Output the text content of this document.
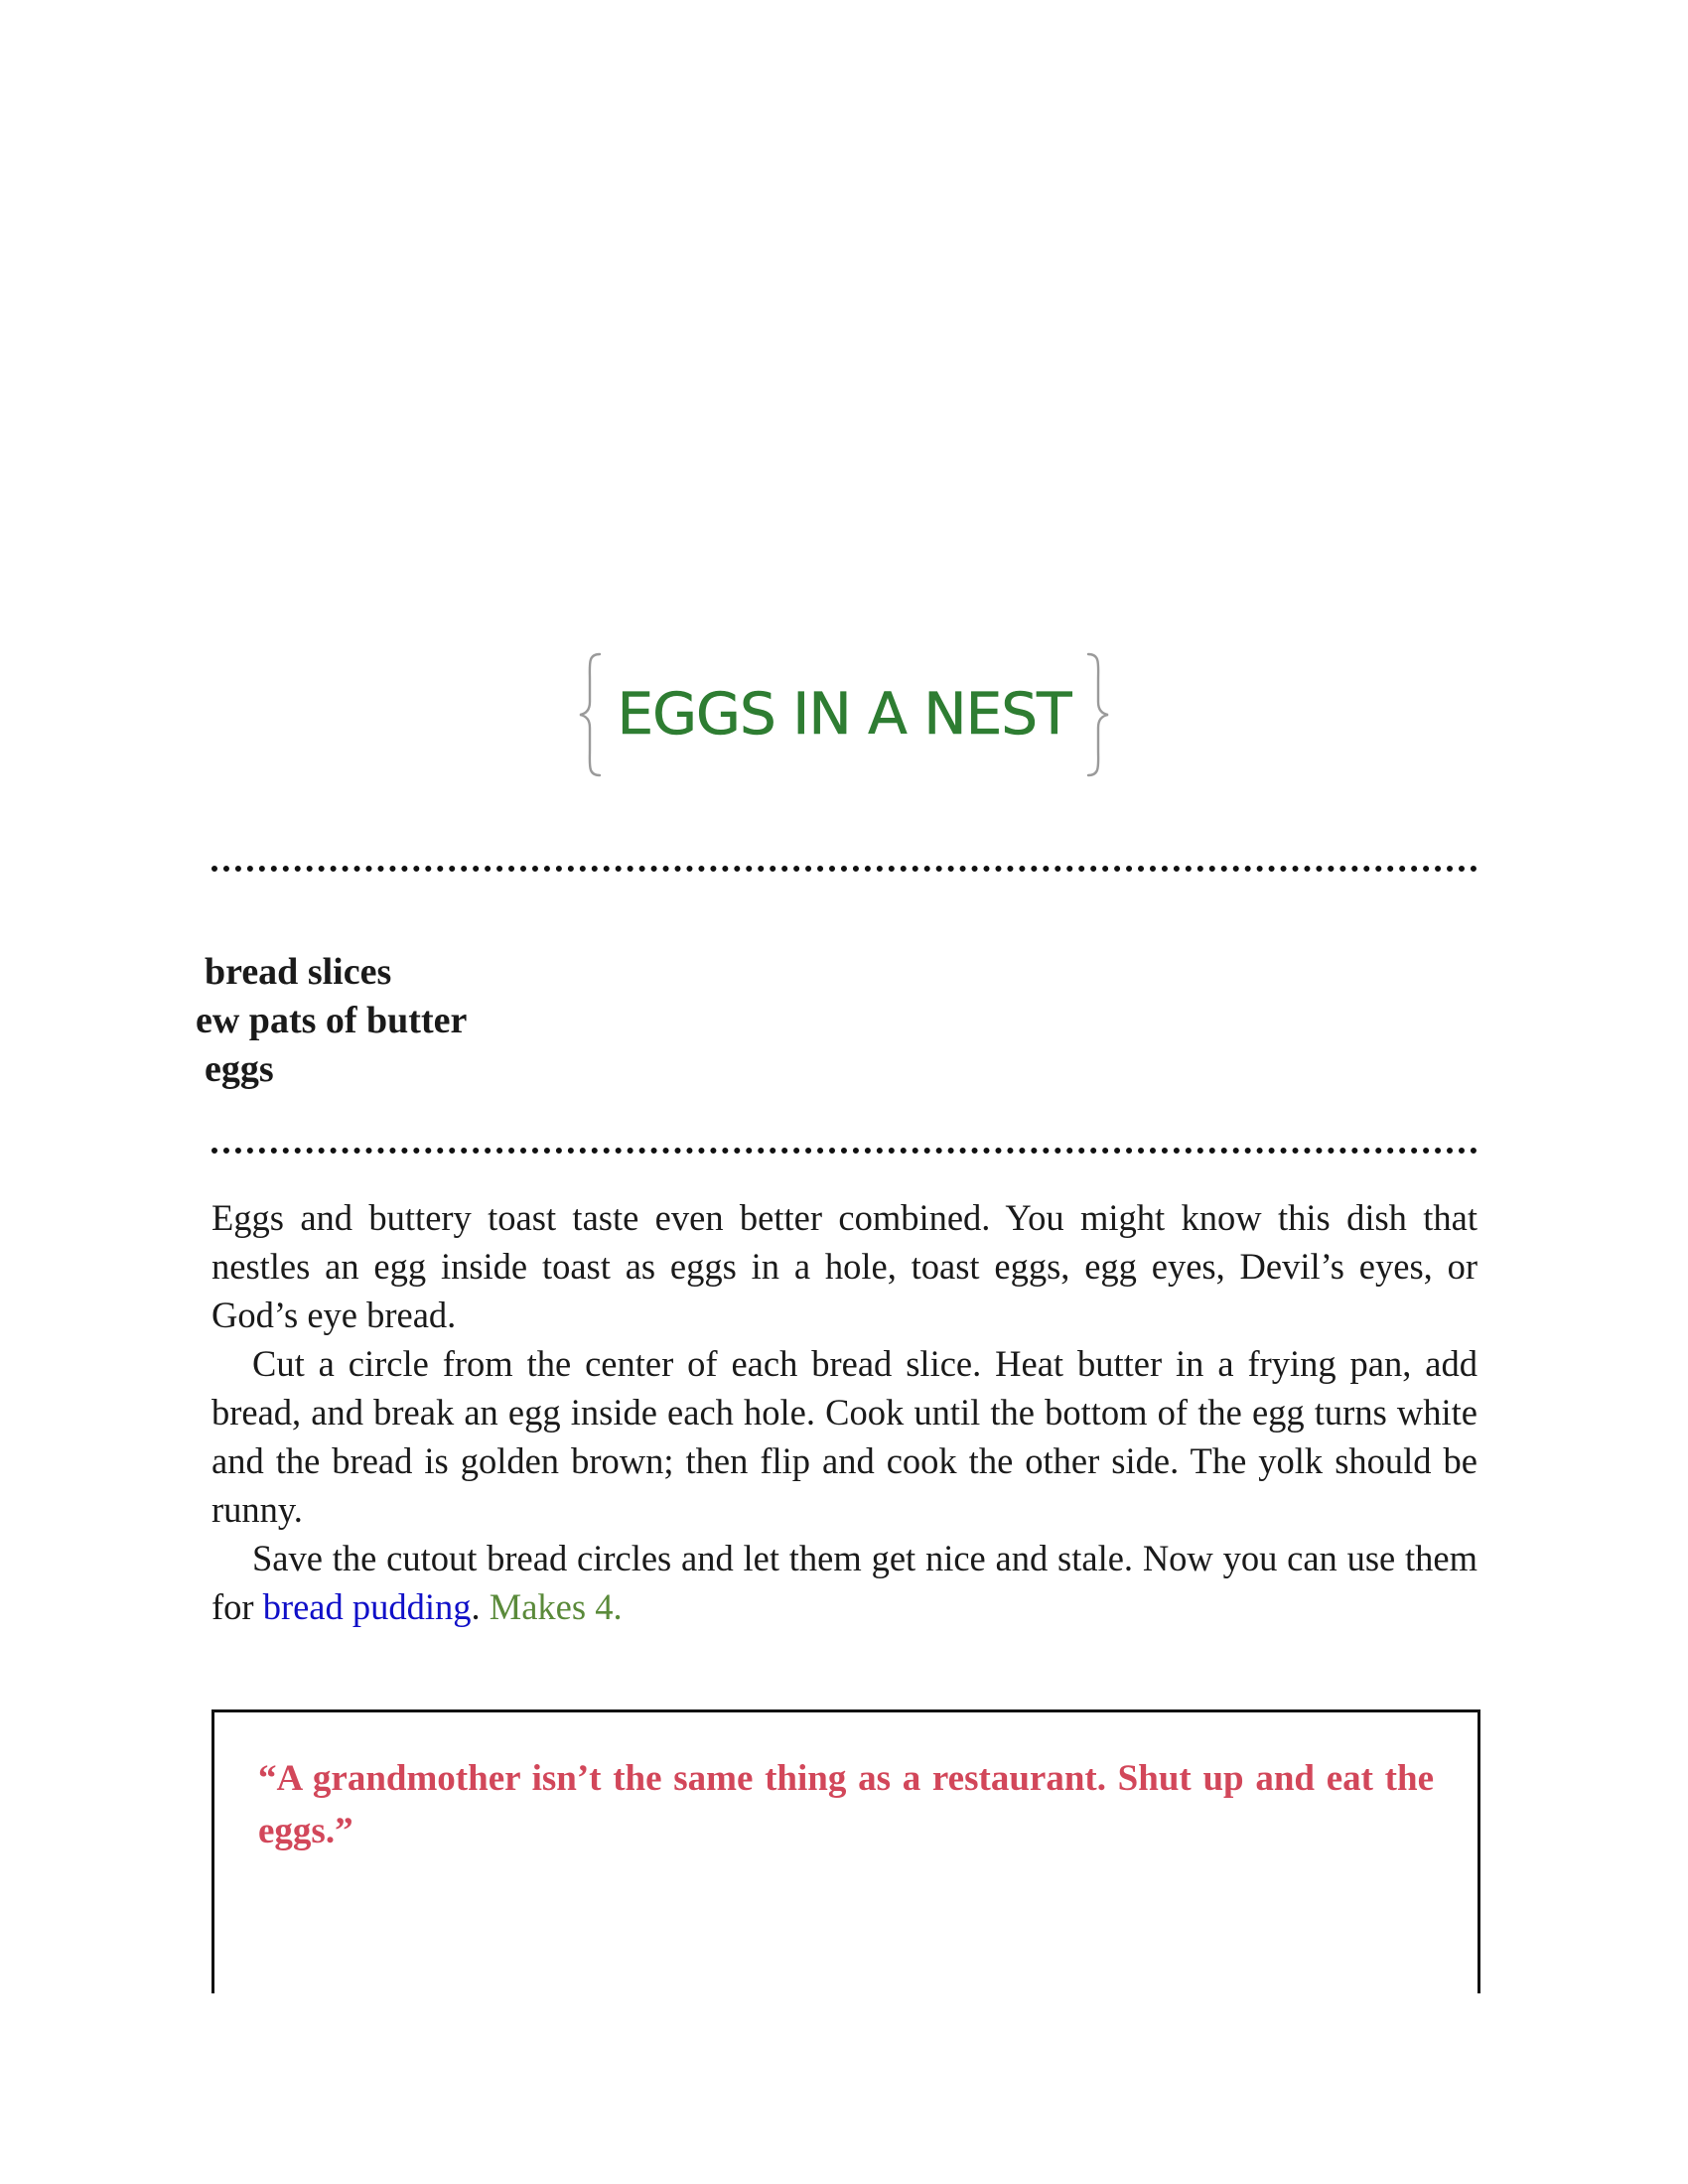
EGGS IN A NEST
bread slices
ew pats of butter
eggs

Eggs and buttery toast taste even better combined. You might know this dish that nestles an egg inside toast as eggs in a hole, toast eggs, egg eyes, Devil’s eyes, or God’s eye bread.

Cut a circle from the center of each bread slice. Heat butter in a frying pan, add bread, and break an egg inside each hole. Cook until the bottom of the egg turns white and the bread is golden brown; then flip and cook the other side. The yolk should be runny.

Save the cutout bread circles and let them get nice and stale. Now you can use them for bread pudding. Makes 4.

“A grandmother isn’t the same thing as a restaurant. Shut up and eat the eggs.”
